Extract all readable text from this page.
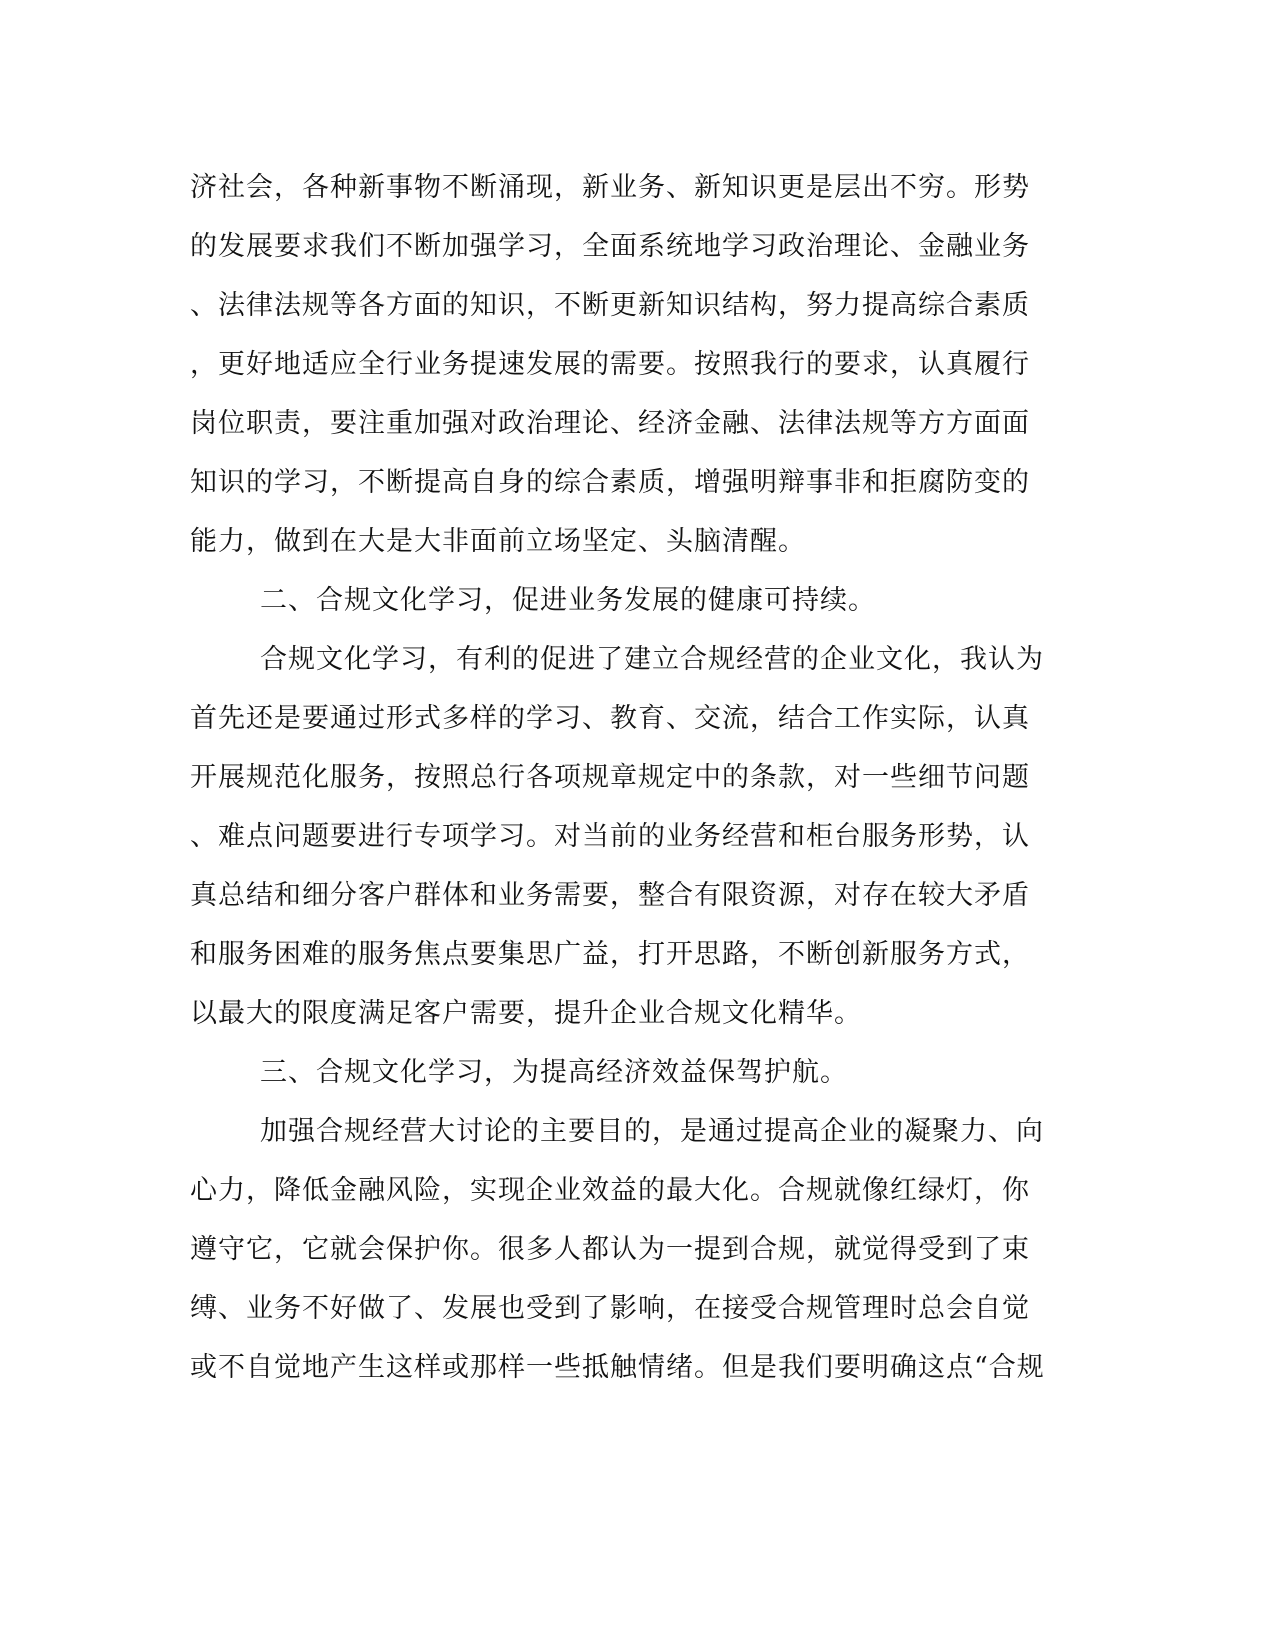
济社会，各种新事物不断涌现，新业务、新知识更是层出不穷。形势
的发展要求我们不断加强学习，全面系统地学习政治理论、金融业务
、法律法规等各方面的知识，不断更新知识结构，努力提高综合素质
，更好地适应全行业务提速发展的需要。按照我行的要求，认真履行
岗位职责，要注重加强对政治理论、经济金融、法律法规等方方面面
知识的学习，不断提高自身的综合素质，增强明辩事非和拒腐防变的
能力，做到在大是大非面前立场坚定、头脑清醒。
二、合规文化学习，促进业务发展的健康可持续。
合规文化学习，有利的促进了建立合规经营的企业文化，我认为
首先还是要通过形式多样的学习、教育、交流，结合工作实际，认真
开展规范化服务，按照总行各项规章规定中的条款，对一些细节问题
、难点问题要进行专项学习。对当前的业务经营和柜台服务形势，认
真总结和细分客户群体和业务需要，整合有限资源，对存在较大矛盾
和服务困难的服务焦点要集思广益，打开思路，不断创新服务方式，
以最大的限度满足客户需要，提升企业合规文化精华。
三、合规文化学习，为提高经济效益保驾护航。
加强合规经营大讨论的主要目的，是通过提高企业的凝聚力、向
心力，降低金融风险，实现企业效益的最大化。合规就像红绿灯，你
遵守它，它就会保护你。很多人都认为一提到合规，就觉得受到了束
缚、业务不好做了、发展也受到了影响，在接受合规管理时总会自觉
或不自觉地产生这样或那样一些抵触情绪。但是我们要明确这点“合规
